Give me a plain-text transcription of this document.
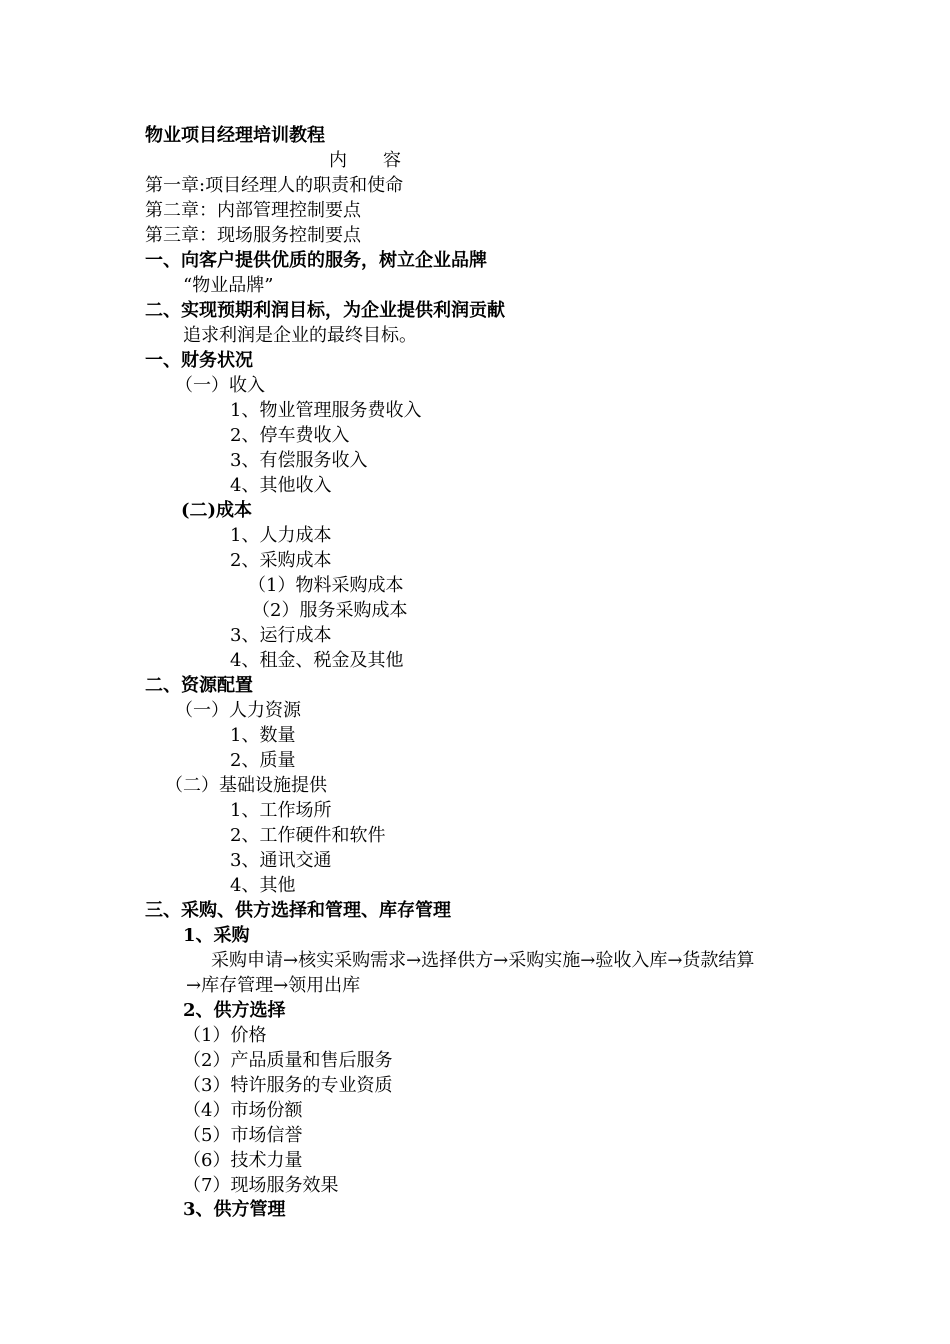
物业项目经理培训教程
内　　容
第一章:项目经理人的职责和使命
第二章：内部管理控制要点
第三章：现场服务控制要点
一、向客户提供优质的服务，树立企业品牌
“物业品牌”
二、实现预期利润目标，为企业提供利润贡献
追求利润是企业的最终目标。
一、财务状况
（一）收入
1、物业管理服务费收入
2、停车费收入
3、有偿服务收入
4、其他收入
(二)成本
1、人力成本
2、采购成本
（1）物料采购成本
（2）服务采购成本
3、运行成本
4、租金、税金及其他
二、资源配置
（一）人力资源
1、数量
2、质量
（二）基础设施提供
1、工作场所
2、工作硬件和软件
3、通讯交通
4、其他
三、采购、供方选择和管理、库存管理
1、采购
采购申请→核实采购需求→选择供方→采购实施→验收入库→货款结算
→库存管理→领用出库
2、供方选择
（1）价格
（2）产品质量和售后服务
（3）特许服务的专业资质
（4）市场份额
（5）市场信誉
（6）技术力量
（7）现场服务效果
3、供方管理
